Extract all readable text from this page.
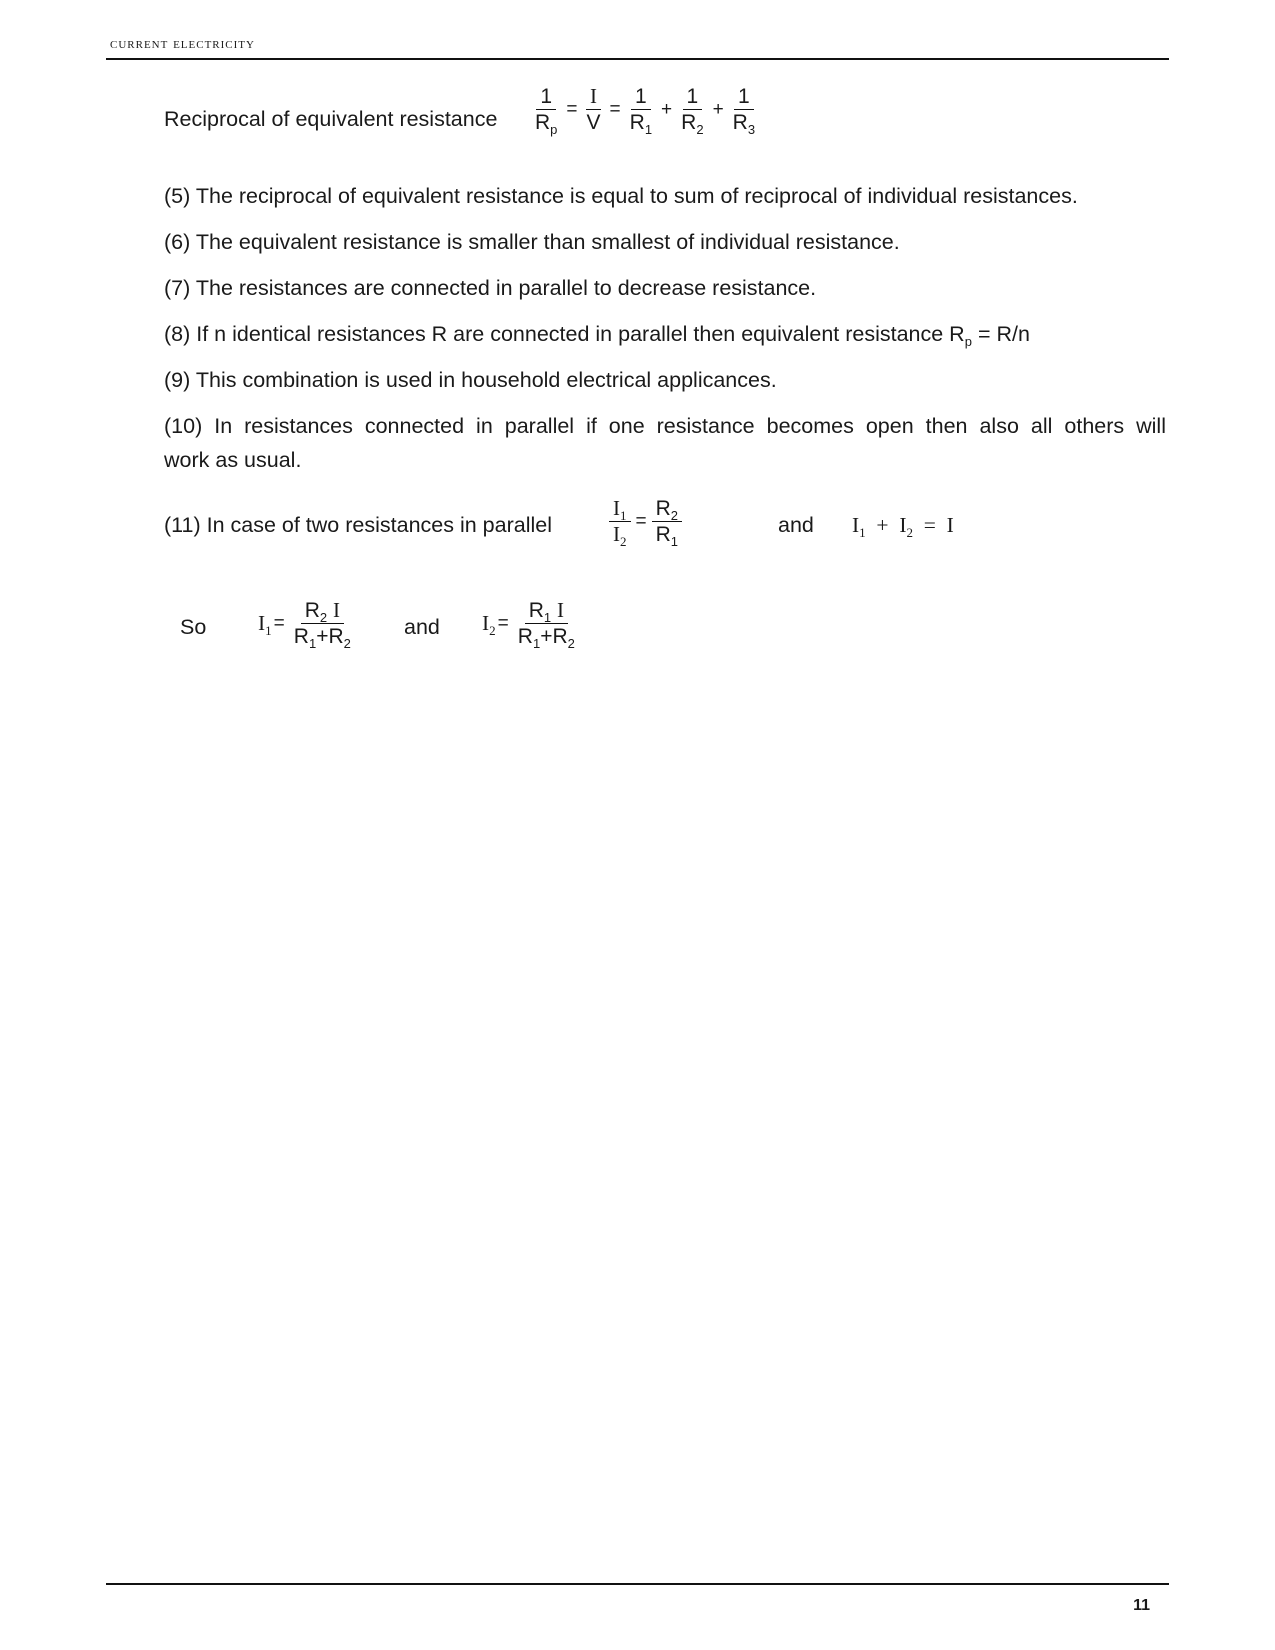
current electricity
Reciprocal of equivalent resistance $\frac{1}{R_p} = \frac{I}{V} = \frac{1}{R_1} + \frac{1}{R_2} + \frac{1}{R_3}$
(5) The reciprocal of equivalent resistance is equal to sum of reciprocal of individual resistances.
(6) The equivalent resistance is smaller than smallest of individual resistance.
(7) The resistances are connected in parallel to decrease resistance.
(8) If n identical resistances R are connected in parallel then equivalent resistance $R_p = R/n$
(9) This combination is used in household electrical applicances.
(10) In resistances connected in parallel if one resistance becomes open then also all others will
work as usual.
(11) In case of two resistances in parallel	$\frac{I_1}{I_2} = \frac{R_2}{R_1}$	and $I_1 + I_2 = I$
So $I_1 = \frac{R_2 I}{R_1+R_2}$ and $I_2 = \frac{R_1 I}{R_1+R_2}$
11
